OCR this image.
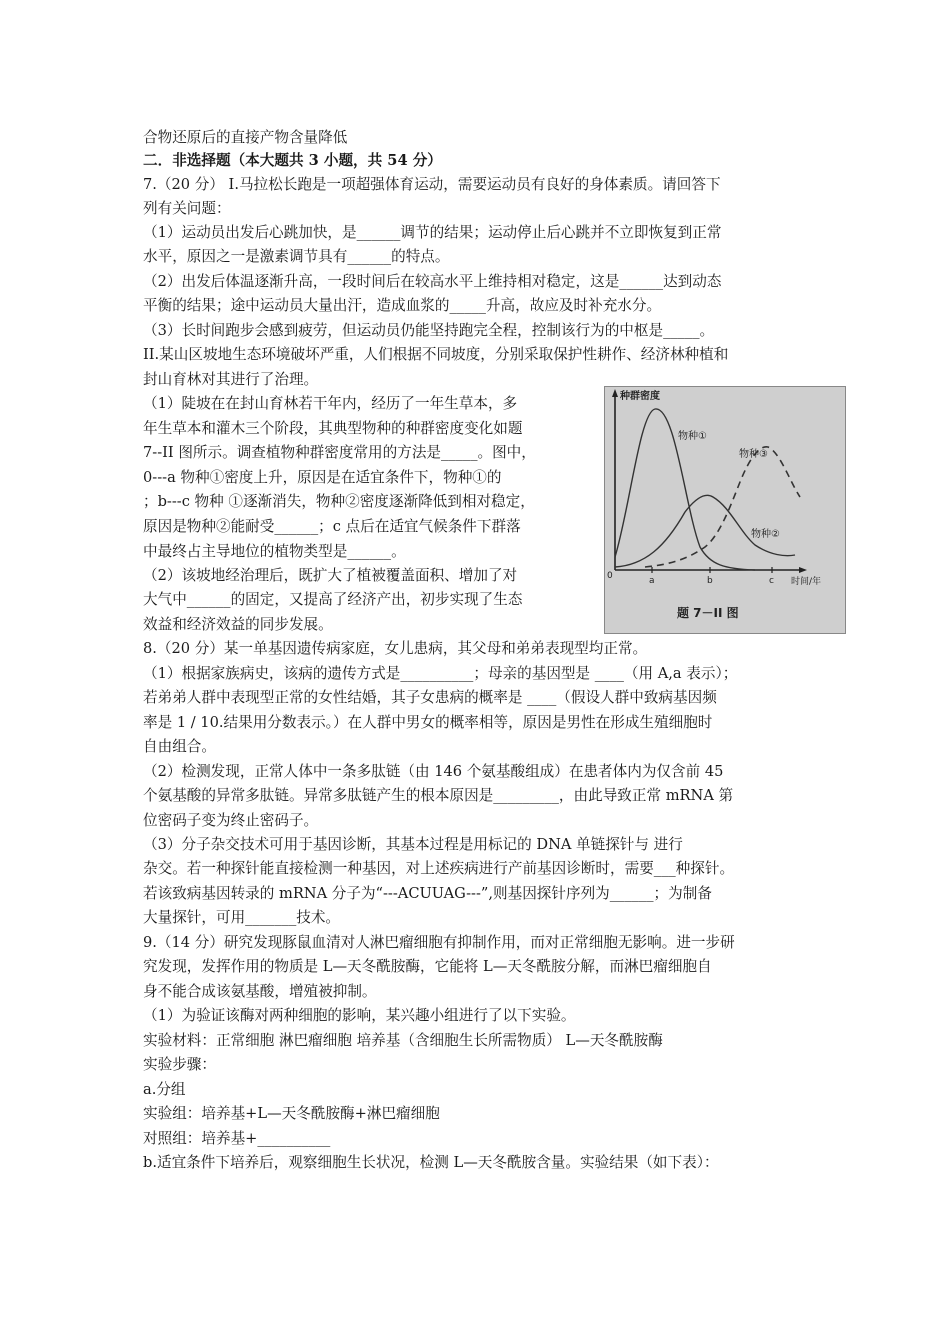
合物还原后的直接产物含量降低
二．非选择题（本大题共 3 小题，共 54 分）
7.（20 分） I.马拉松长跑是一项超强体育运动，需要运动员有良好的身体素质。请回答下
列有关问题：
（1）运动员出发后心跳加快，是______调节的结果；运动停止后心跳并不立即恢复到正常
水平，原因之一是激素调节具有______的特点。
（2）出发后体温逐渐升高，一段时间后在较高水平上维持相对稳定，这是______达到动态
平衡的结果；途中运动员大量出汗，造成血浆的_____升高，故应及时补充水分。
（3）长时间跑步会感到疲劳，但运动员仍能坚持跑完全程，控制该行为的中枢是_____。
II.某山区坡地生态环境破坏严重，人们根据不同坡度，分别采取保护性耕作、经济林种植和
封山育林对其进行了治理。
（1）陡坡在在封山育林若干年内，经历了一年生草本，多
年生草本和灌木三个阶段，其典型物种的种群密度变化如题
7--II 图所示。调查植物种群密度常用的方法是_____。图中，
0---a 物种①密度上升，原因是在适宜条件下，物种①的
；b---c 物种 ①逐渐消失，物种②密度逐渐降低到相对稳定，
原因是物种②能耐受______；c 点后在适宜气候条件下群落
中最终占主导地位的植物类型是______。
（2）该坡地经治理后，既扩大了植被覆盖面积、增加了对
大气中______的固定，又提高了经济产出，初步实现了生态
效益和经济效益的同步发展。
8.（20 分）某一单基因遗传病家庭，女儿患病，其父母和弟弟表现型均正常。
（1）根据家族病史，该病的遗传方式是__________；母亲的基因型是 ____（用 A,a 表示）；
若弟弟人群中表现型正常的女性结婚，其子女患病的概率是 ____（假设人群中致病基因频
率是 1 / 10.结果用分数表示。）在人群中男女的概率相等，原因是男性在形成生殖细胞时
自由组合。
（2）检测发现，正常人体中一条多肽链（由 146 个氨基酸组成）在患者体内为仅含前 45
个氨基酸的异常多肽链。异常多肽链产生的根本原因是_________，由此导致正常 mRNA 第
位密码子变为终止密码子。
（3）分子杂交技术可用于基因诊断，其基本过程是用标记的 DNA 单链探针与 进行
杂交。若一种探针能直接检测一种基因，对上述疾病进行产前基因诊断时，需要___种探针。
若该致病基因转录的 mRNA 分子为“---ACUUAG---”,则基因探针序列为______；为制备
大量探针，可用_______技术。
9.（14 分）研究发现豚鼠血清对人淋巴瘤细胞有抑制作用，而对正常细胞无影响。进一步研
究发现，发挥作用的物质是 L—天冬酰胺酶，它能将 L—天冬酰胺分解，而淋巴瘤细胞自
身不能合成该氨基酸，增殖被抑制。
（1）为验证该酶对两种细胞的影响，某兴趣小组进行了以下实验。
实验材料：正常细胞 淋巴瘤细胞 培养基（含细胞生长所需物质） L—天冬酰胺酶
实验步骤：
a.分组
实验组：培养基+L—天冬酰胺酶+淋巴瘤细胞
对照组：培养基+__________
b.适宜条件下培养后，观察细胞生长状况，检测 L—天冬酰胺含量。实验结果（如下表）：
种群密度
物种①
物种③
物种②
0	a	b	c 时间/年
题 7－II 图
